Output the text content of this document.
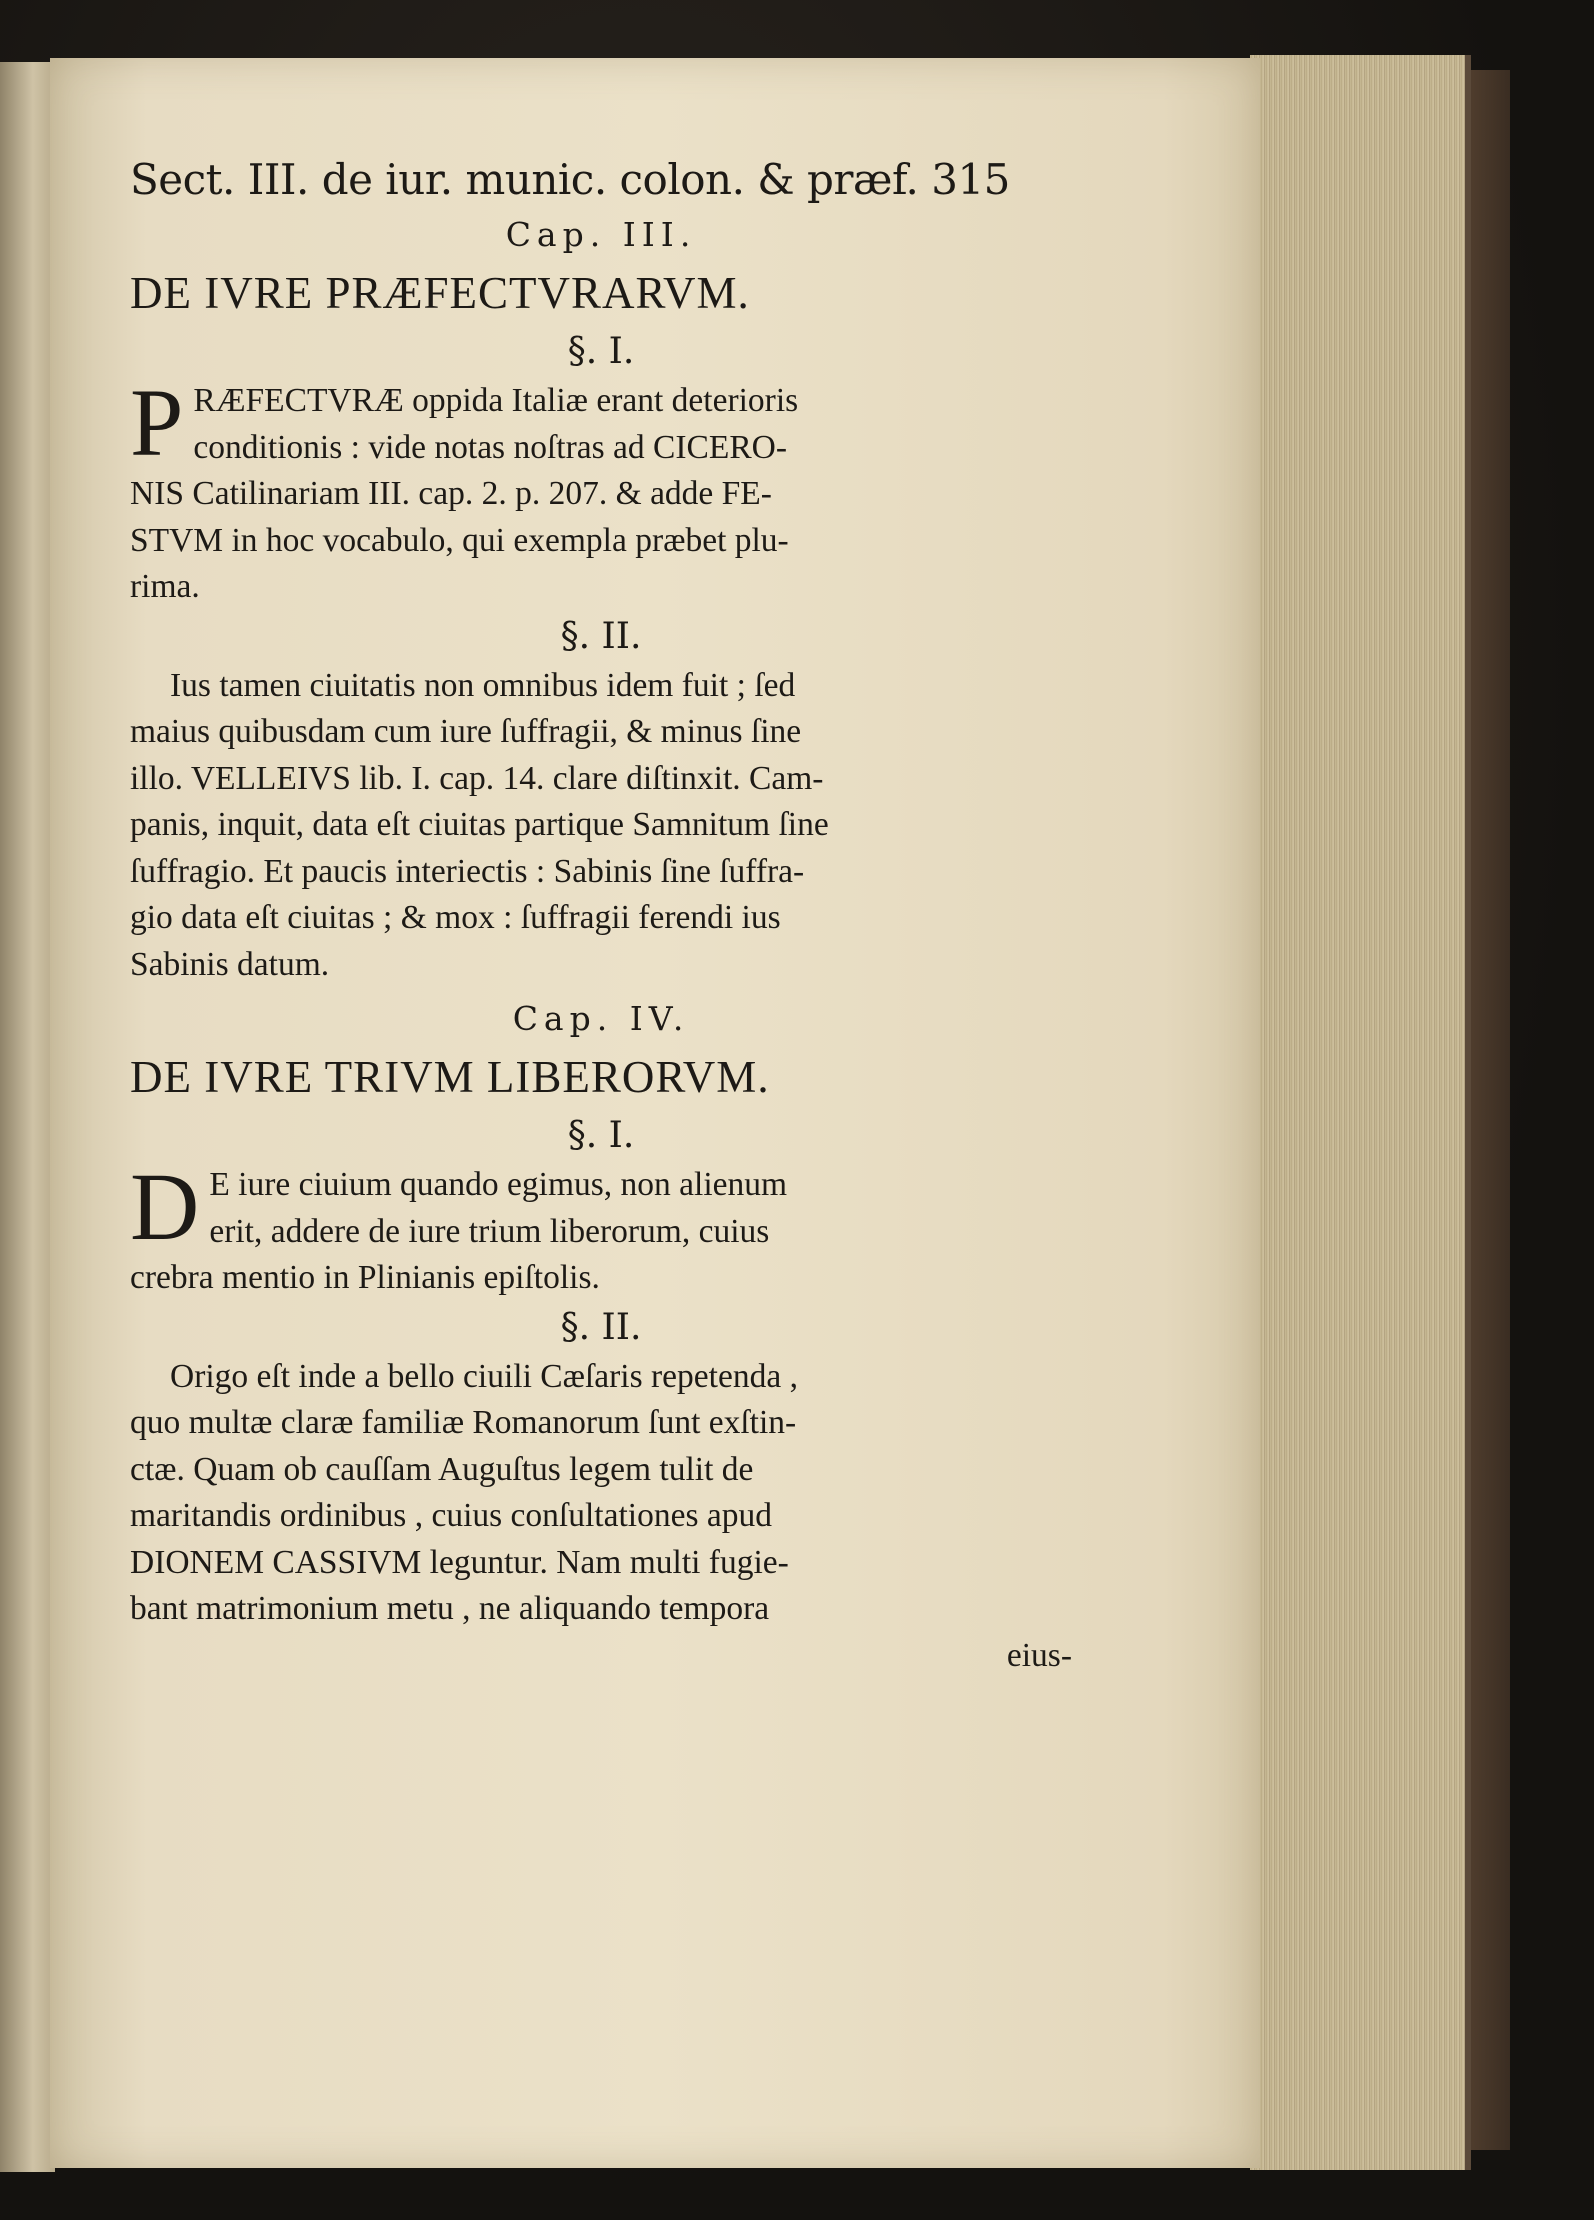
Sect. III. de iur. munic. colon. & præf. 315
Cap. III.
DE IVRE PRÆFECTVRARVM.
§. I.

P RÆFECTVRÆ oppida Italiæ erant deterioris
conditionis : vide notas noſtras ad CICERO-
NIS Catilinariam III. cap. 2. p. 207. & adde FE-
STVM in hoc vocabulo, qui exempla præbet plu-
rima.

§. II.

Ius tamen ciuitatis non omnibus idem fuit ; ſed
maius quibusdam cum iure ſuffragii, & minus ſine
illo. VELLEIVS lib. I. cap. 14. clare diſtinxit. Cam-
panis, inquit, data eſt ciuitas partique Samnitum ſine
ſuffragio. Et paucis interiectis : Sabinis ſine ſuffra-
gio data eſt ciuitas ; & mox : ſuffragii ferendi ius
Sabinis datum.

Cap. IV.
DE IVRE TRIVM LIBERORVM.
§. I.

D E iure ciuium quando egimus, non alienum
erit, addere de iure trium liberorum, cuius
crebra mentio in Plinianis epiſtolis.

§. II.

Origo eſt inde a bello ciuili Cæſaris repetenda ,
quo multæ claræ familiæ Romanorum ſunt exſtin-
ctæ. Quam ob cauſſam Auguſtus legem tulit de
maritandis ordinibus , cuius conſultationes apud
DIONEM CASSIVM leguntur. Nam multi fugie-
bant matrimonium metu , ne aliquando tempora

eius-
